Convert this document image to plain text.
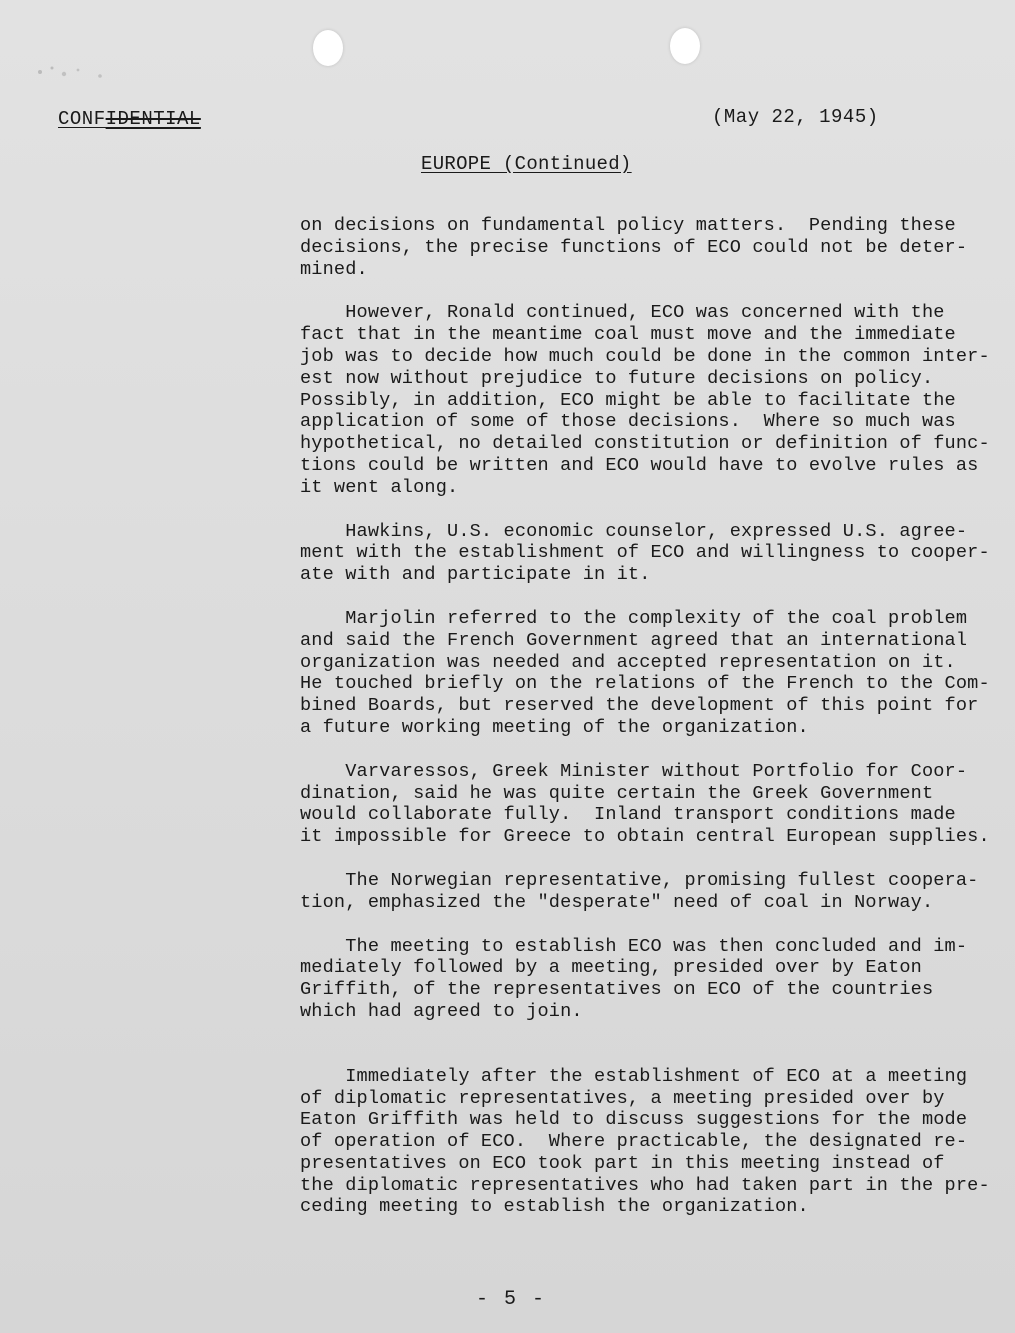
CONFIDENTIAL	(May 22, 1945)
EUROPE (Continued)

on decisions on fundamental policy matters.  Pending these
decisions, the precise functions of ECO could not be deter-
mined.

However, Ronald continued, ECO was concerned with the
fact that in the meantime coal must move and the immediate
job was to decide how much could be done in the common inter-
est now without prejudice to future decisions on policy.
Possibly, in addition, ECO might be able to facilitate the
application of some of those decisions.  Where so much was
hypothetical, no detailed constitution or definition of func-
tions could be written and ECO would have to evolve rules as
it went along.

Hawkins, U.S. economic counselor, expressed U.S. agree-
ment with the establishment of ECO and willingness to cooper-
ate with and participate in it.

Marjolin referred to the complexity of the coal problem
and said the French Government agreed that an international
organization was needed and accepted representation on it.
He touched briefly on the relations of the French to the Com-
bined Boards, but reserved the development of this point for
a future working meeting of the organization.

Varvaressos, Greek Minister without Portfolio for Coor-
dination, said he was quite certain the Greek Government
would collaborate fully.  Inland transport conditions made
it impossible for Greece to obtain central European supplies.

The Norwegian representative, promising fullest coopera-
tion, emphasized the "desperate" need of coal in Norway.

The meeting to establish ECO was then concluded and im-
mediately followed by a meeting, presided over by Eaton
Griffith, of the representatives on ECO of the countries
which had agreed to join.

Immediately after the establishment of ECO at a meeting
of diplomatic representatives, a meeting presided over by
Eaton Griffith was held to discuss suggestions for the mode
of operation of ECO.  Where practicable, the designated re-
presentatives on ECO took part in this meeting instead of
the diplomatic representatives who had taken part in the pre-
ceding meeting to establish the organization.

- 5 -
